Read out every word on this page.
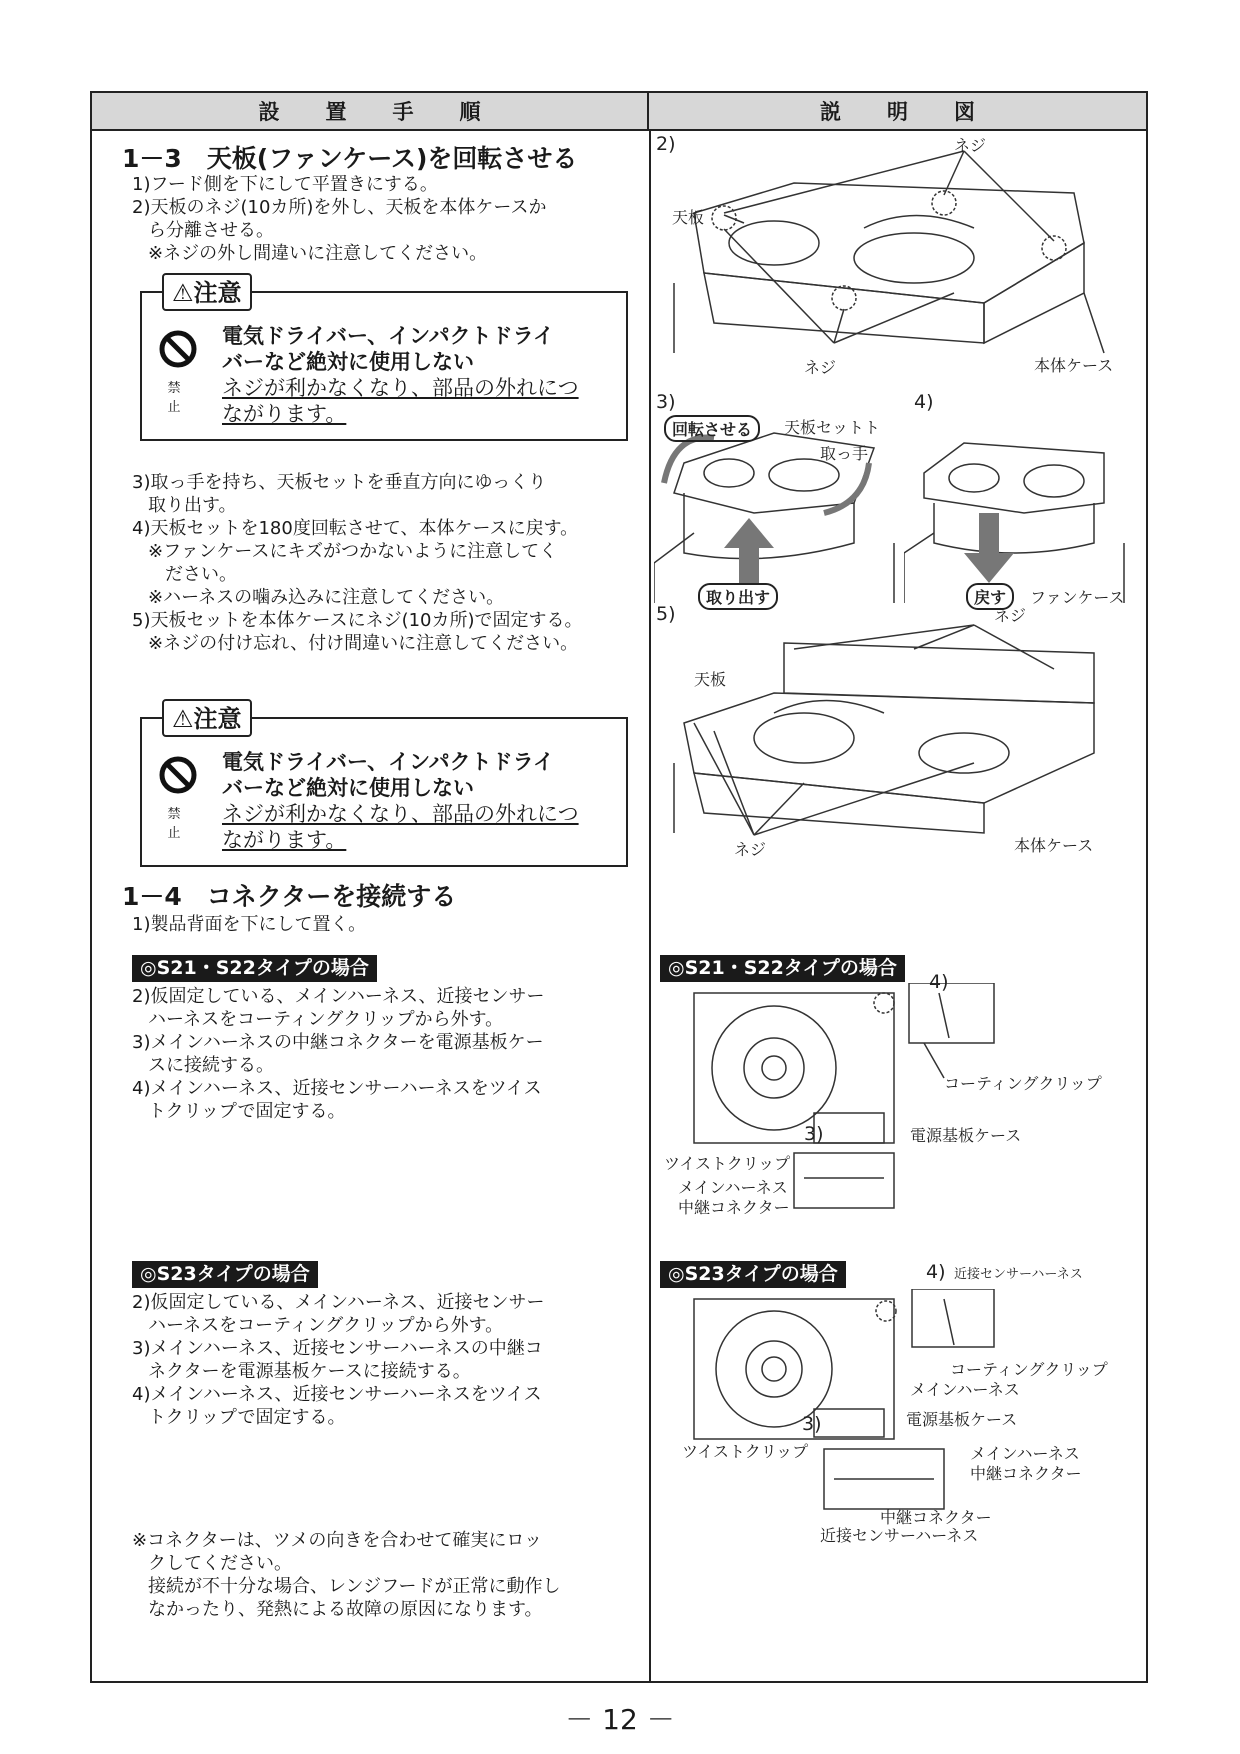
設置手順	説明図
1－3　天板(ファンケース)を回転させる
1)フード側を下にして平置きにする。
2)天板のネジ(10カ所)を外し、天板を本体ケースか
ら分離させる。
※ネジの外し間違いに注意してください。
⚠注意
禁 止
電気ドライバー、インパクトドライ
バーなど絶対に使用しない
ネジが利かなくなり、部品の外れにつ
ながります。
3)取っ手を持ち、天板セットを垂直方向にゆっくり
取り出す。
4)天板セットを180度回転させて、本体ケースに戻す。
※ファンケースにキズがつかないように注意してく
ださい。
※ハーネスの噛み込みに注意してください。
5)天板セットを本体ケースにネジ(10カ所)で固定する。
※ネジの付け忘れ、付け間違いに注意してください。
⚠注意
禁 止
電気ドライバー、インパクトドライ
バーなど絶対に使用しない
ネジが利かなくなり、部品の外れにつ
ながります。
1－4　コネクターを接続する
1)製品背面を下にして置く。
◎S21・S22タイプの場合
2)仮固定している、メインハーネス、近接センサー
ハーネスをコーティングクリップから外す。
3)メインハーネスの中継コネクターを電源基板ケー
スに接続する。
4)メインハーネス、近接センサーハーネスをツイス
トクリップで固定する。
◎S23タイプの場合
2)仮固定している、メインハーネス、近接センサー
ハーネスをコーティングクリップから外す。
3)メインハーネス、近接センサーハーネスの中継コ
ネクターを電源基板ケースに接続する。
4)メインハーネス、近接センサーハーネスをツイス
トクリップで固定する。
※コネクターは、ツメの向きを合わせて確実にロッ
クしてください。
接続が不十分な場合、レンジフードが正常に動作し
なかったり、発熱による故障の原因になります。
2)	ネジ
天板
ネジ	本体ケース
3)
回転させる	天板セットト
取っ手
取り出す
4)
戻す	ファンケース
5)	ネジ
天板
ネジ	本体ケース
◎S21・S22タイプの場合
4)
3)
コーティングクリップ
電源基板ケース
ツイストクリップ
メインハーネス
中継コネクター
◎S23タイプの場合	4) 近接センサーハーネス
コーティングクリップ
メインハーネス
電源基板ケース
3)
ツイストクリップ	メインハーネス
中継コネクター
中継コネクター
近接センサーハーネス
－ 12 －
